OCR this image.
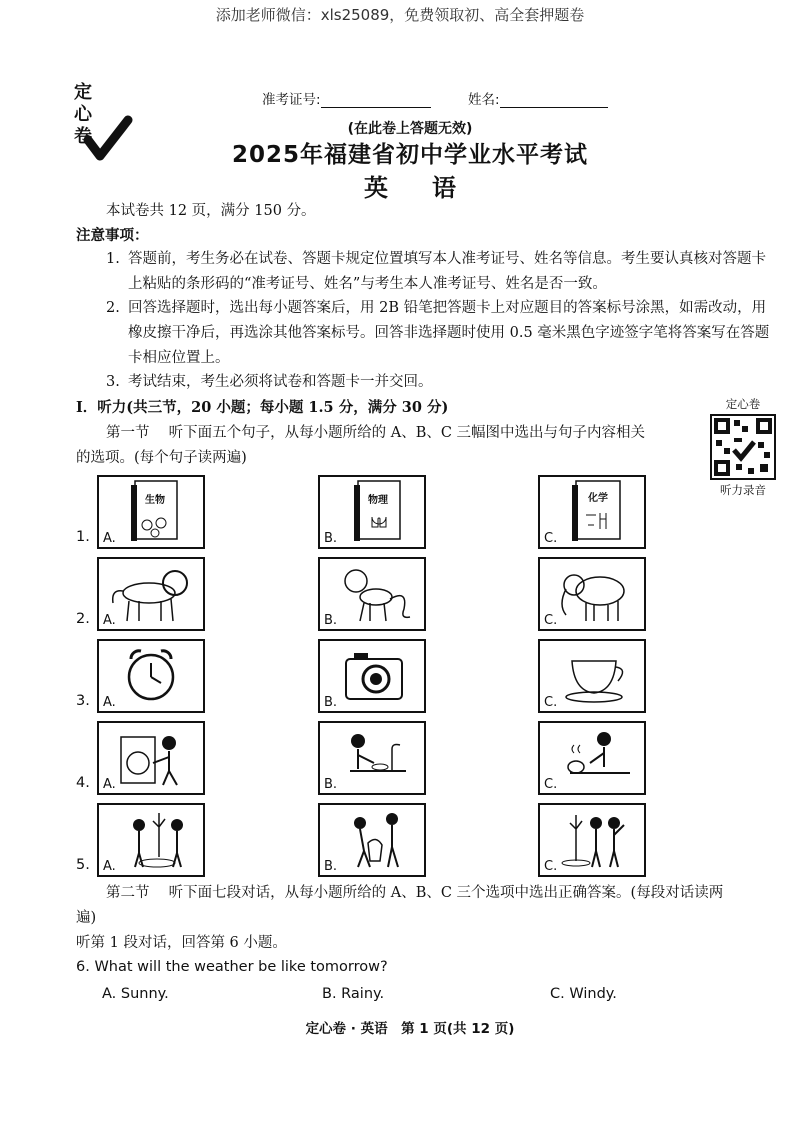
添加老师微信：xls25089，免费领取初、高全套押题卷
定心卷
准考证号:	姓名:
(在此卷上答题无效)
2025年福建省初中学业水平考试
英 语
本试卷共 12 页，满分 150 分。
注意事项：
1. 答题前，考生务必在试卷、答题卡规定位置填写本人准考证号、姓名等信息。考生要认真核对答题卡上粘贴的条形码的“准考证号、姓名”与考生本人准考证号、姓名是否一致。
2. 回答选择题时，选出每小题答案后，用 2B 铅笔把答题卡上对应题目的答案标号涂黑，如需改动，用橡皮擦干净后，再选涂其他答案标号。回答非选择题时使用 0.5 毫米黑色字迹签字笔将答案写在答题卡相应位置上。
3. 考试结束，考生必须将试卷和答题卡一并交回。
Ⅰ．听力(共三节，20 小题；每小题 1.5 分，满分 30 分)
第一节　 听下面五个句子，从每小题所给的 A、B、C 三幅图中选出与句子内容相关
的选项。(每个句子读两遍)
定心卷
听力录音
1.
生物
A.
物理
B.
化学
C.
2. A.	B.	C.
3. A.	B.	C.
4. A.	B.	C.
5. A.	B.	C.
第二节　 听下面七段对话，从每小题所给的 A、B、C 三个选项中选出正确答案。(每段对话读两
遍)
听第 1 段对话，回答第 6 小题。
6. What will the weather be like tomorrow?
A. Sunny.	B. Rainy.	C. Windy.
定心卷 · 英语　第 1 页(共 12 页)
